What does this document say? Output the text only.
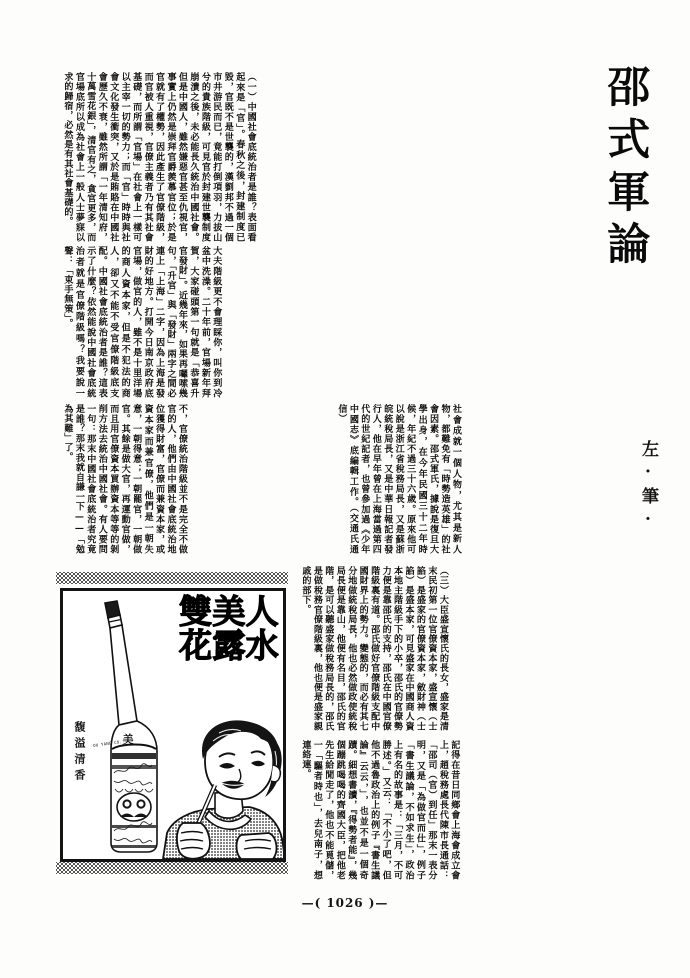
邵式軍論
左·筆·
（一）中國社會底統治者是誰？表面看起來是「官」。春秋之後，封建制度已毀，官既不是世襲的，漢劉邦不過一個市井游民而已，竟能打倒項羽，力拔山兮的貴族階級，可見官於封建世襲制度崩潰之後，未必能長久統治中國社會。但是中國人，雖然嫌惡官甚至仇視官，事實上仍然是崇拜官爵羨慕官位；於是官就有了權勢，因此產生了官僚階級，而官被人重視，官僚主義者乃有其社會基礎，而所謂「官場」在社會上一樣可以主宰一切的勢力；而「官」時時與社會文化發生衝突，又於是賄賂在中國社會歷久不衰，雖然所謂「一年清知府，十萬雪花銀」，清官有之，貪官更多，而官場底所以成為社會上一般人士夢寐以求的歸宿，必然是有其社會基礎的。
大夫階級更不會理睬你，叫你到冷盆中洗澡。二十年前，官場新年拜賀，大家碰頭第一句就是「恭喜升官發財」。近幾年來，如果再囉嗦幾句，「升官」與「發財」兩字之間必連上「上海」二字，因為上海是發財的好地方。打開今日南京政府底官場，做官的人，雖不是十里洋場的商人資本家，但是不犯法的商人，卻又不能不受官僚階級底支配。中國社會底統治者是誰？這表示了什麼？依然能說中國社會底統治者就是官僚階級嗎？我要說一聲：「束手無策」。
不，官僚統治階級並不是完全不做官的人，他們由中國社會底統治地位獲得財富，官僚而兼資本家，或資本家而兼官僚，他們是一朝失意，一朝得意；一朝罷官，一朝做官。其餘是做大官，再運動官做，而且用官僚資本買辦資本等等的剝削方法去統治中國社會。有人要問一句：那末中國社會底統治者究竟是誰？那末我就自謙一下——「勉為其難」了。	社會成就一個人物，尤其是新人物，都難免有「時勢造英雄」的社會因素。邵式軍氏，據說是復旦大學出身，在今年民國三十二年時候，年紀不過三十六歲。原來他可以說是浙江省稅務局長，又是蘇浙皖統稅局長，又是中華日報記者發行人，他在早年曾在上海當過第四代的世紀記者，也曾參加過《少年中國志》底編輯工作。（交通氏通信）
（三）大臣盛宣懷氏的長女，盛家是清末民初第一位官僚資本家，盛宣懷（士諂）是盛家的官僚資本家，斂財神（士諂）是盛本家，可見盛家在中國商人資本地主階級手下的小卒，邵氏的官僚勢力便是靠邵氏的支持，邵氏在中國官僚階級裏有道。邵氏做好官僚階級支配中國財界上的勢力。變態的，而必有其七分地做統稅局長，他也必然做政使統稅局長便是靠山，他便有名目，邵氏的官階，是可以聽盛家做稅務局長的，邵氏是做稅務官僚階級裏，他也便是盛家親戚的部下。
記得在昔日同鄉會上海會成立會上，趙稅務處長代陳市長通話：「邵司（官）到任」那末一表分明，又是「為做官而仕」，例子「書生議論，不如求生」，政治上有名的故事是：「三月，不可勝述。」又云：「不小了吧，但他不過魯政治上的例子『書生議論』云云，」，也並不是一個奇蹟。細想書讀，『得勢者能』，幾個蹦跳喝喝的齊國大臣，把他老先生給閒走了，他也不能覓儲，一「驅者時也」，去兒南子，想連絡連。
美
OU YANG CO.
雙美人
花露水
馥溢清香
—( 1026 )—
